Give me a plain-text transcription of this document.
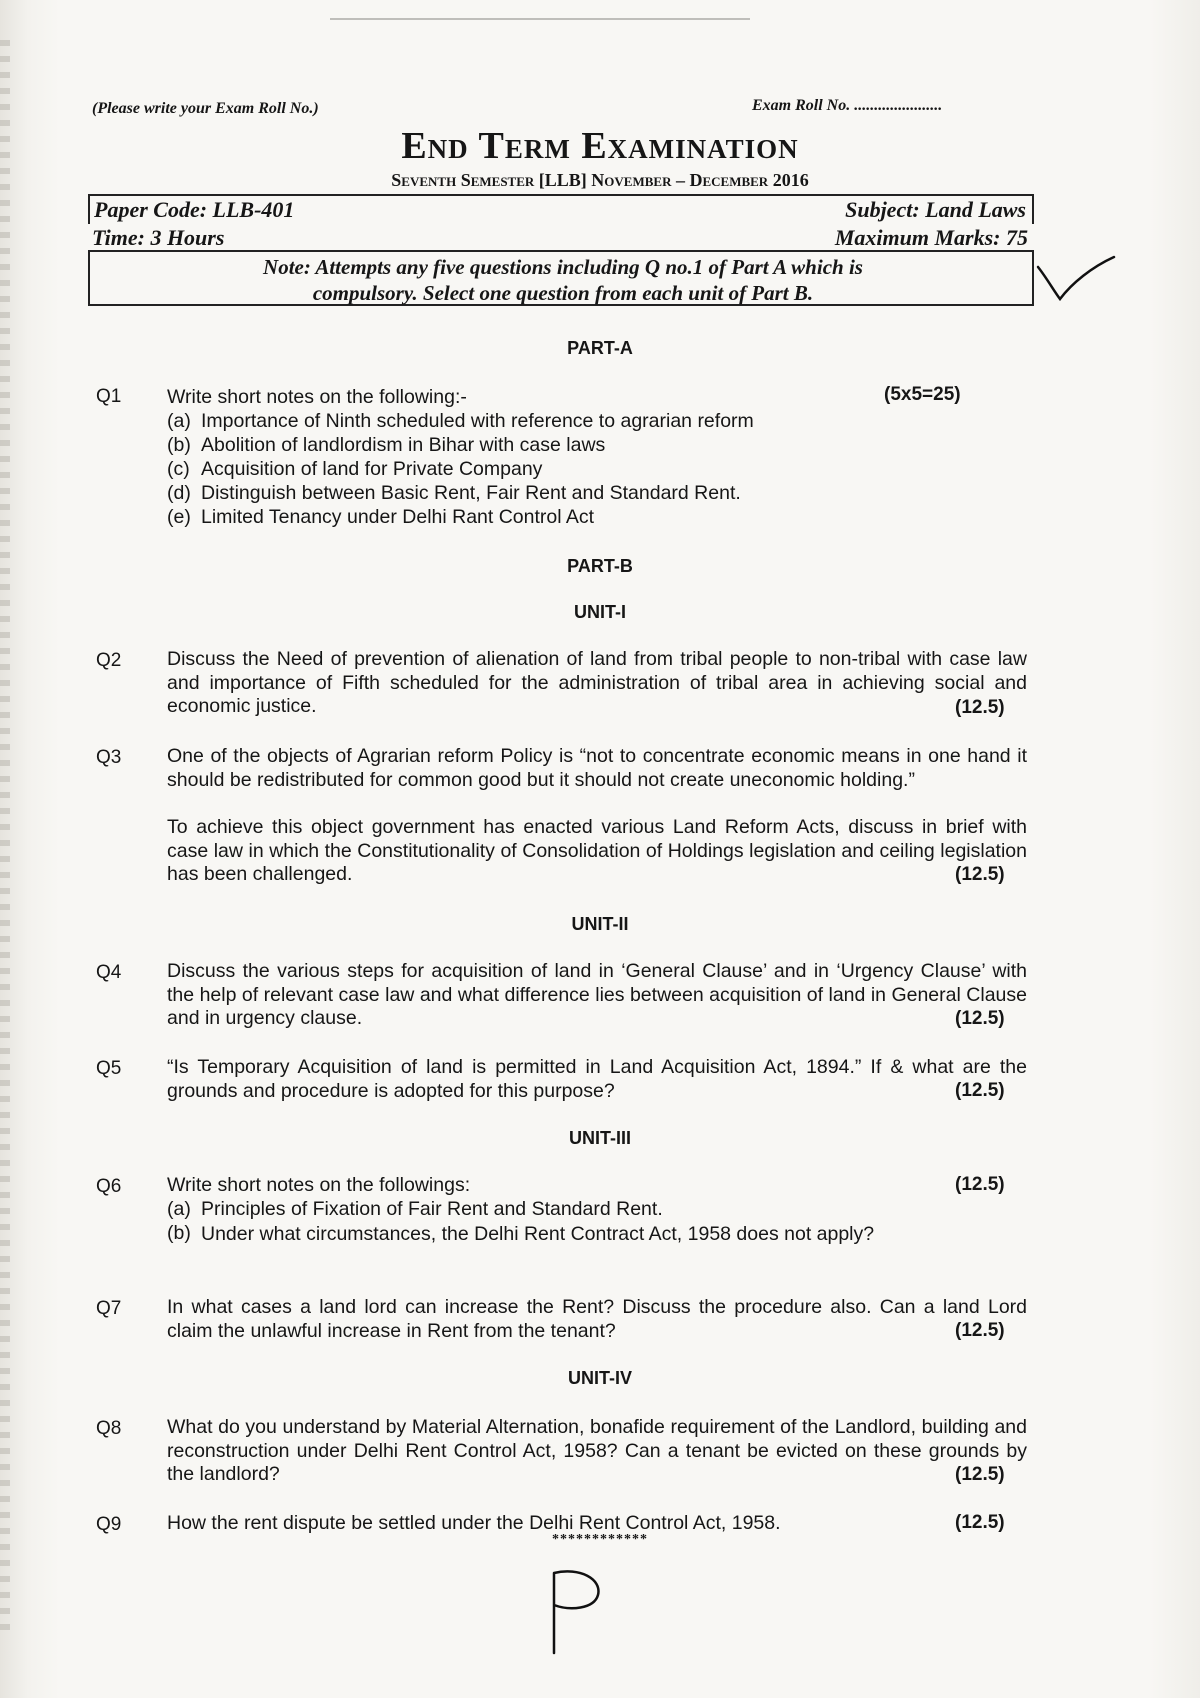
(Please write your Exam Roll No.)	Exam Roll No. ......................
End Term Examination
Seventh Semester [LLB] November – December 2016
Paper Code: LLB-401	Subject: Land Laws
Time: 3 Hours	Maximum Marks: 75
Note: Attempts any five questions including Q no.1 of Part A which is
compulsory. Select one question from each unit of Part B.
PART-A
Q1 Write short notes on the following:-	(5x5=25)
(a) Importance of Ninth scheduled with reference to agrarian reform
(b) Abolition of landlordism in Bihar with case laws
(c) Acquisition of land for Private Company
(d) Distinguish between Basic Rent, Fair Rent and Standard Rent.
(e) Limited Tenancy under Delhi Rant Control Act
PART-B
UNIT-I
Q2 Discuss the Need of prevention of alienation of land from tribal people to non-tribal with case law and importance of Fifth scheduled for the administration of tribal area in achieving social and economic justice.	(12.5)
Q3 One of the objects of Agrarian reform Policy is “not to concentrate economic means in one hand it should be redistributed for common good but it should not create uneconomic holding.”
To achieve this object government has enacted various Land Reform Acts, discuss in brief with case law in which the Constitutionality of Consolidation of Holdings legislation and ceiling legislation has been challenged.	(12.5)
UNIT-II
Q4 Discuss the various steps for acquisition of land in ‘General Clause’ and in ‘Urgency Clause’ with the help of relevant case law and what difference lies between acquisition of land in General Clause and in urgency clause.	(12.5)
Q5 “Is Temporary Acquisition of land is permitted in Land Acquisition Act, 1894.” If & what are the grounds and procedure is adopted for this purpose?	(12.5)
UNIT-III
Q6 Write short notes on the followings:	(12.5)
(a) Principles of Fixation of Fair Rent and Standard Rent.
(b) Under what circumstances, the Delhi Rent Contract Act, 1958 does not apply?
Q7 In what cases a land lord can increase the Rent? Discuss the procedure also. Can a land Lord claim the unlawful increase in Rent from the tenant?	(12.5)
UNIT-IV
Q8 What do you understand by Material Alternation, bonafide requirement of the Landlord, building and reconstruction under Delhi Rent Control Act, 1958? Can a tenant be evicted on these grounds by the landlord?	(12.5)
Q9 How the rent dispute be settled under the Delhi Rent Control Act, 1958.	(12.5)
************
